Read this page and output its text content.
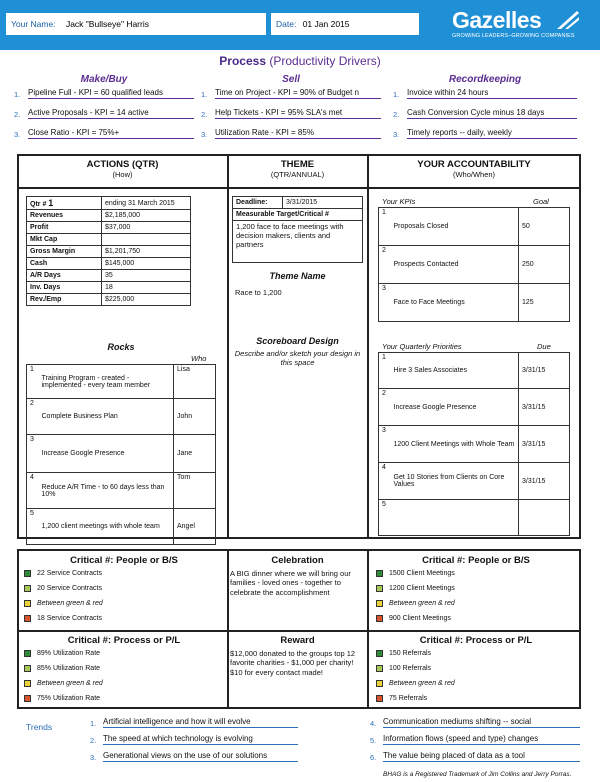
Your Name: Jack "Bullseye" Harris	Date: 01 Jan 2015	Gazelles
GROWING LEADERS–GROWING COMPANIES
Process (Productivity Drivers)
Make/Buy
1. Pipeline Full - KPI = 60 qualified leads
2. Active Proposals - KPI = 14 active
3. Close Ratio - KPI = 75%+
Sell
1. Time on Project - KPI = 90% of Budget n
2. Help Tickets - KPI = 95% SLA's met
3. Utilization Rate - KPI = 85%
Recordkeeping
1. Invoice within 24 hours
2. Cash Conversion Cycle minus 18 days
3. Timely reports -- daily, weekly
ACTIONS (QTR)
(How)
THEME
(QTR/ANNUAL)
YOUR ACCOUNTABILITY
(Who/When)
Qtr # 1	ending 31 March 2015
Revenues	$2,185,000
Profit	$37,000
Mkt Cap	
Gross Margin	$1,201,750
Cash	$145,000
A/R Days	35
Inv. Days	18
Rev./Emp	$225,000
Rocks
Who
1	Training Program - created - implemented - every team member	Lisa
2	Complete Business Plan	John
3	Increase Google Presence	Jane
4	Reduce A/R Time - to 60 days less than 10%	Tom
5	1,200 client meetings with whole team	Angel
Deadline:	3/31/2015
Measurable Target/Critical #
1,200 face to face meetings with decision makers, clients and partners
Theme Name
Race to 1,200
Scoreboard Design
Describe and/or sketch your design in this space
Your KPIs	Goal
1	Proposals Closed	50
2	Prospects Contacted	250
3	Face to Face Meetings	125
Your Quarterly Priorities	Due
1	Hire 3 Sales Associates	3/31/15
2	Increase Google Presence	3/31/15
3	1200 Client Meetings with Whole Team	3/31/15
4	Get 10 Stories from Clients on Core Values	3/31/15
5		
Critical #: People or B/S
22 Service Contracts
20 Service Contracts
Between green & red
18 Service Contracts
Critical #: Process or P/L
89% Utilization Rate
85% Utilization Rate
Between green & red
75% Utilization Rate
Celebration
A BIG dinner where we will bring our families - loved ones - together to celebrate the accomplishment
Reward
$12,000 donated to the groups top 12 favorite charities - $1,000 per charity! $10 for every contact made!
Critical #: People or B/S
1500 Client Meetings
1200 Client Meetings
Between green & red
900 Client Meetings
Critical #: Process or P/L
150 Referrals
100 Referrals
Between green & red
75 Referrals
Trends	1. Artificial intelligence and how it will evolve
2. The speed at which technology is evolving
3. Generational views on the use of our solutions
4. Communication mediums shifting -- social
5. Information flows (speed and type) changes
6. The value being placed of data as a tool
BHAG is a Registered Trademark of Jim Collins and Jerry Porras.
